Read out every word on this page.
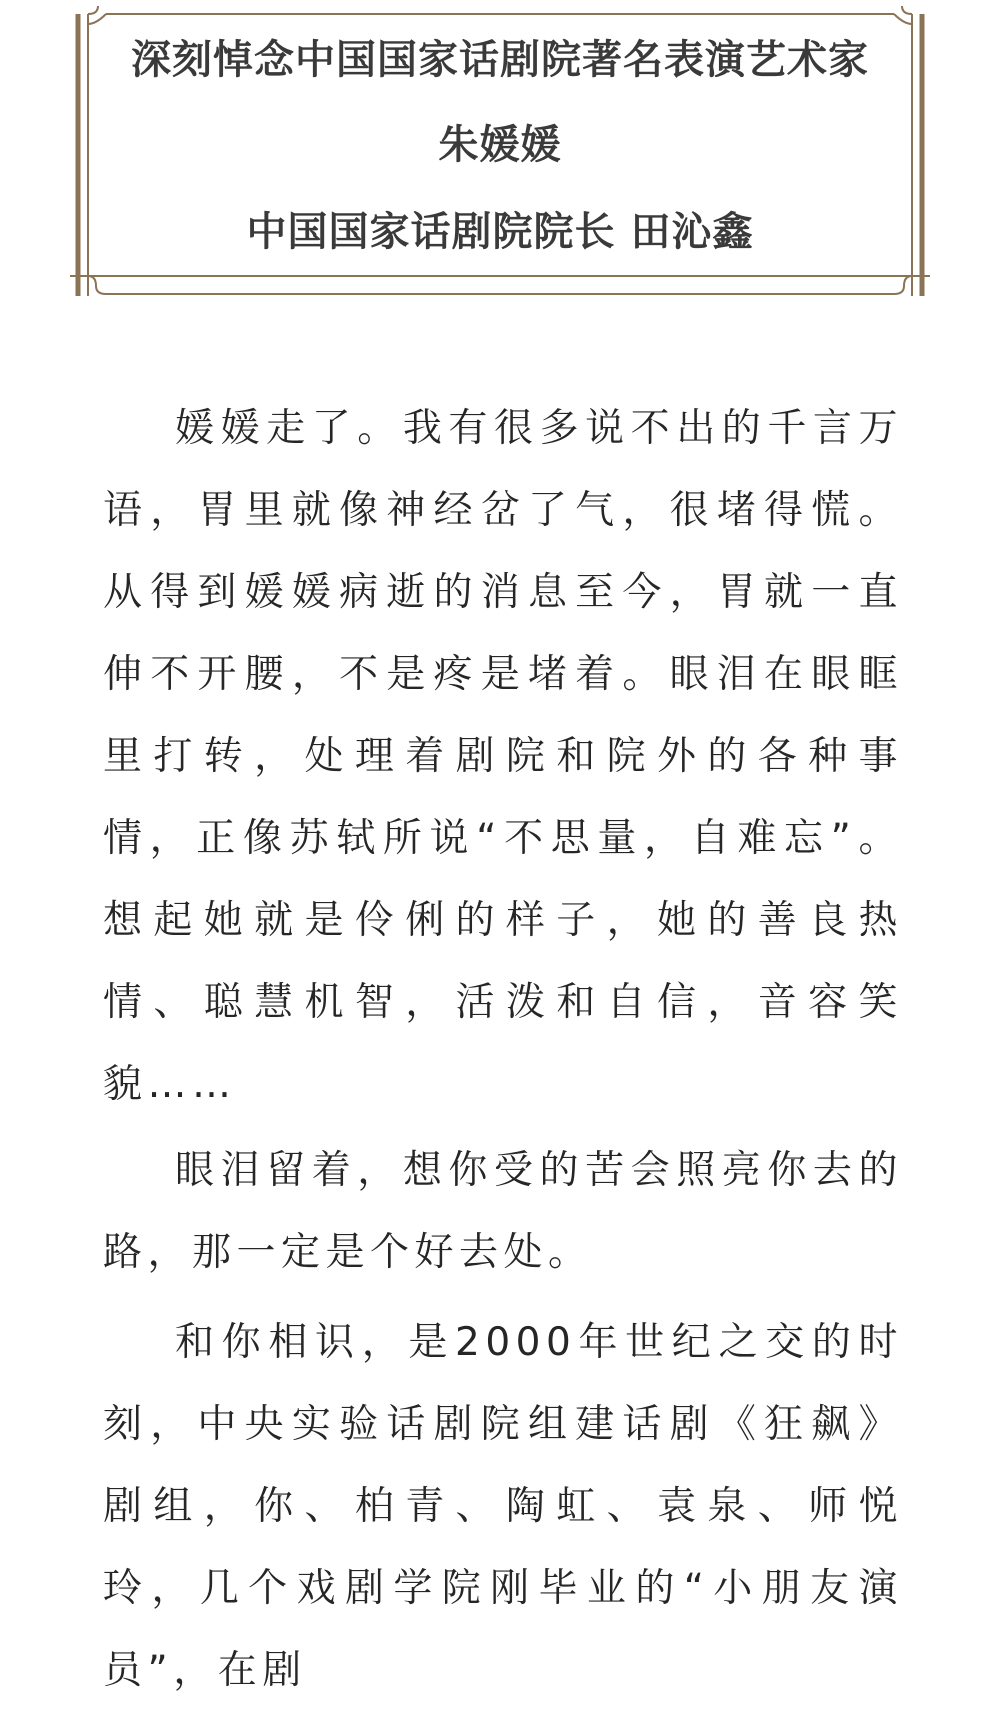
深刻悼念中国国家话剧院著名表演艺术家
朱媛媛
中国国家话剧院院长 田沁鑫

媛媛走了。我有很多说不出的千言万语，胃里就像神经岔了气，很堵得慌。从得到媛媛病逝的消息至今，胃就一直伸不开腰，不是疼是堵着。眼泪在眼眶里打转，处理着剧院和院外的各种事情，正像苏轼所说“不思量，自难忘”。想起她就是伶俐的样子，她的善良热情、聪慧机智，活泼和自信，音容笑貌……

眼泪留着，想你受的苦会照亮你去的路，那一定是个好去处。

和你相识，是2000年世纪之交的时刻，中央实验话剧院组建话剧《狂飙》剧组，你、柏青、陶虹、袁泉、师悦玲，几个戏剧学院刚毕业的“小朋友演员”，在剧
